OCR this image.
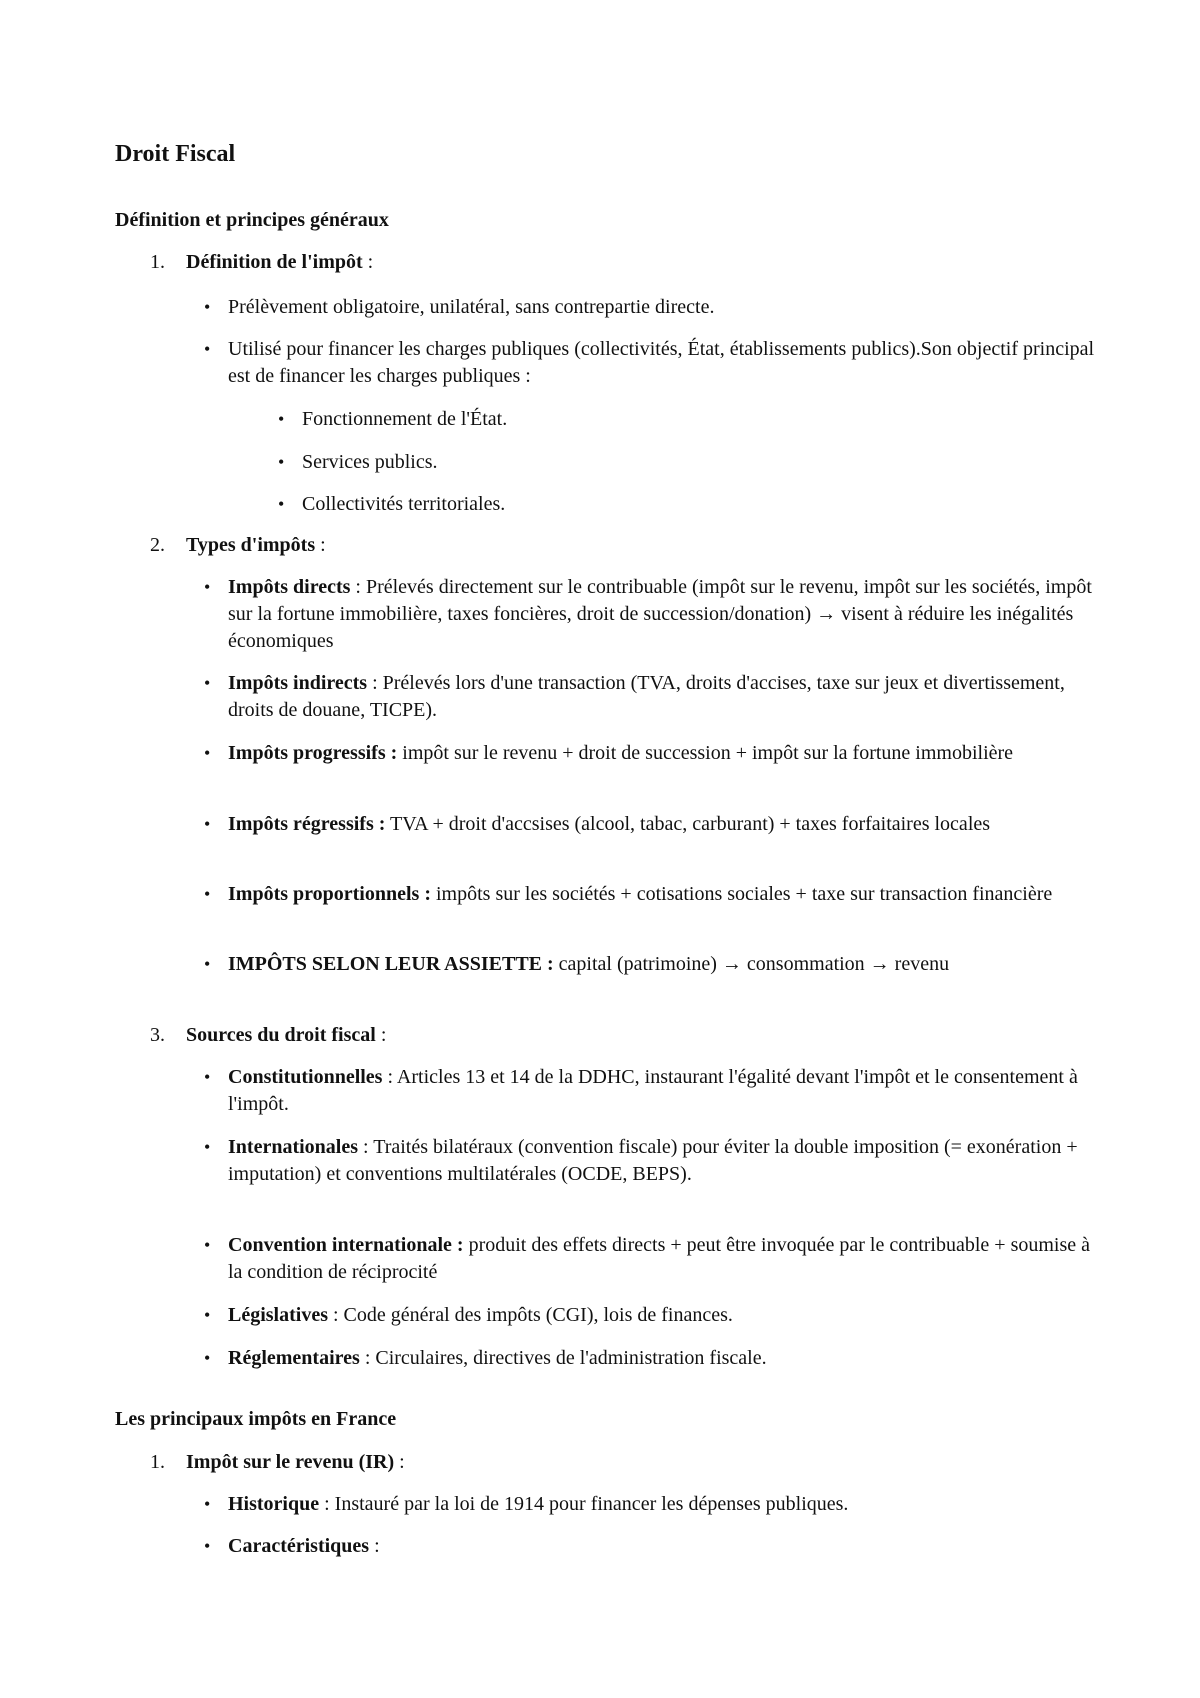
Droit Fiscal
Définition et principes généraux
1. Définition de l'impôt :
• Prélèvement obligatoire, unilatéral, sans contrepartie directe.
• Utilisé pour financer les charges publiques (collectivités, État, établissements publics).Son objectif principal est de financer les charges publiques :
• Fonctionnement de l'État.
• Services publics.
• Collectivités territoriales.
2. Types d'impôts :
• Impôts directs : Prélevés directement sur le contribuable (impôt sur le revenu, impôt sur les sociétés, impôt sur la fortune immobilière, taxes foncières, droit de succession/donation) → visent à réduire les inégalités économiques
• Impôts indirects : Prélevés lors d'une transaction (TVA, droits d'accises, taxe sur jeux et divertissement, droits de douane, TICPE).
• Impôts progressifs : impôt sur le revenu + droit de succession + impôt sur la fortune immobilière
• Impôts régressifs : TVA + droit d'accsises (alcool, tabac, carburant) + taxes forfaitaires locales
• Impôts proportionnels : impôts sur les sociétés + cotisations sociales + taxe sur transaction financière
• IMPÔTS SELON LEUR ASSIETTE : capital (patrimoine) → consommation → revenu
3. Sources du droit fiscal :
• Constitutionnelles : Articles 13 et 14 de la DDHC, instaurant l'égalité devant l'impôt et le consentement à l'impôt.
• Internationales : Traités bilatéraux (convention fiscale) pour éviter la double imposition (= exonération + imputation) et conventions multilatérales (OCDE, BEPS).
• Convention internationale : produit des effets directs + peut être invoquée par le contribuable + soumise à la condition de réciprocité
• Législatives : Code général des impôts (CGI), lois de finances.
• Réglementaires : Circulaires, directives de l'administration fiscale.
Les principaux impôts en France
1. Impôt sur le revenu (IR) :
• Historique : Instauré par la loi de 1914 pour financer les dépenses publiques.
• Caractéristiques :
